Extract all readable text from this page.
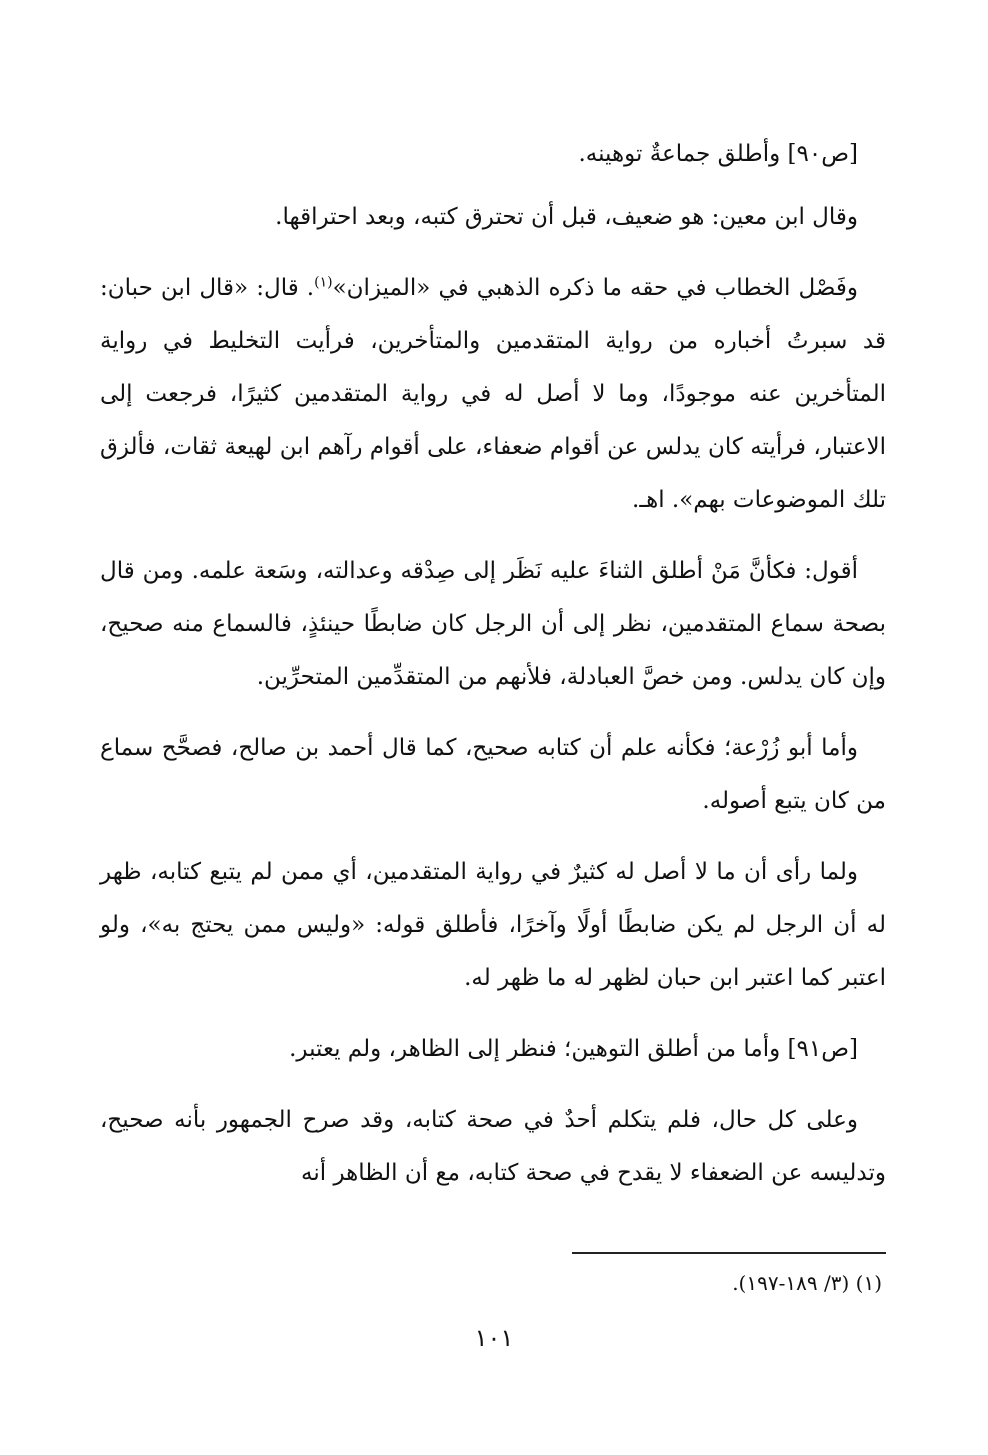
[ص٩٠] وأطلق جماعةٌ توهينه.

وقال ابن معين: هو ضعيف، قبل أن تحترق كتبه، وبعد احتراقها.

وفَصْل الخطاب في حقه ما ذكره الذهبي في «الميزان»$^{(١)}$. قال: «قال ابن حبان: قد سبرتُ أخباره من رواية المتقدمين والمتأخرين، فرأيت التخليط في رواية المتأخرين عنه موجودًا، وما لا أصل له في رواية المتقدمين كثيرًا، فرجعت إلى الاعتبار، فرأيته كان يدلس عن أقوام ضعفاء، على أقوام رآهم ابن لهيعة ثقات، فألزق تلك الموضوعات بهم». اهـ.

أقول: فكأنَّ مَنْ أطلق الثناءَ عليه نَظَر إلى صِدْقه وعدالته، وسَعة علمه. ومن قال بصحة سماع المتقدمين، نظر إلى أن الرجل كان ضابطًا حينئذٍ، فالسماع منه صحيح، وإن كان يدلس. ومن خصَّ العبادلة، فلأنهم من المتقدِّمين المتحرِّين.

وأما أبو زُرْعة؛ فكأنه علم أن كتابه صحيح، كما قال أحمد بن صالح، فصحَّح سماع من كان يتبع أصوله.

ولما رأى أن ما لا أصل له كثيرٌ في رواية المتقدمين، أي ممن لم يتبع كتابه، ظهر له أن الرجل لم يكن ضابطًا أولًا وآخرًا، فأطلق قوله: «وليس ممن يحتج به»، ولو اعتبر كما اعتبر ابن حبان لظهر له ما ظهر له.

[ص٩١] وأما من أطلق التوهين؛ فنظر إلى الظاهر، ولم يعتبر.

وعلى كل حال، فلم يتكلم أحدٌ في صحة كتابه، وقد صرح الجمهور بأنه صحيح، وتدليسه عن الضعفاء لا يقدح في صحة كتابه، مع أن الظاهر أنه

(١) (٣/ ١٨٩-١٩٧).
١٠١
